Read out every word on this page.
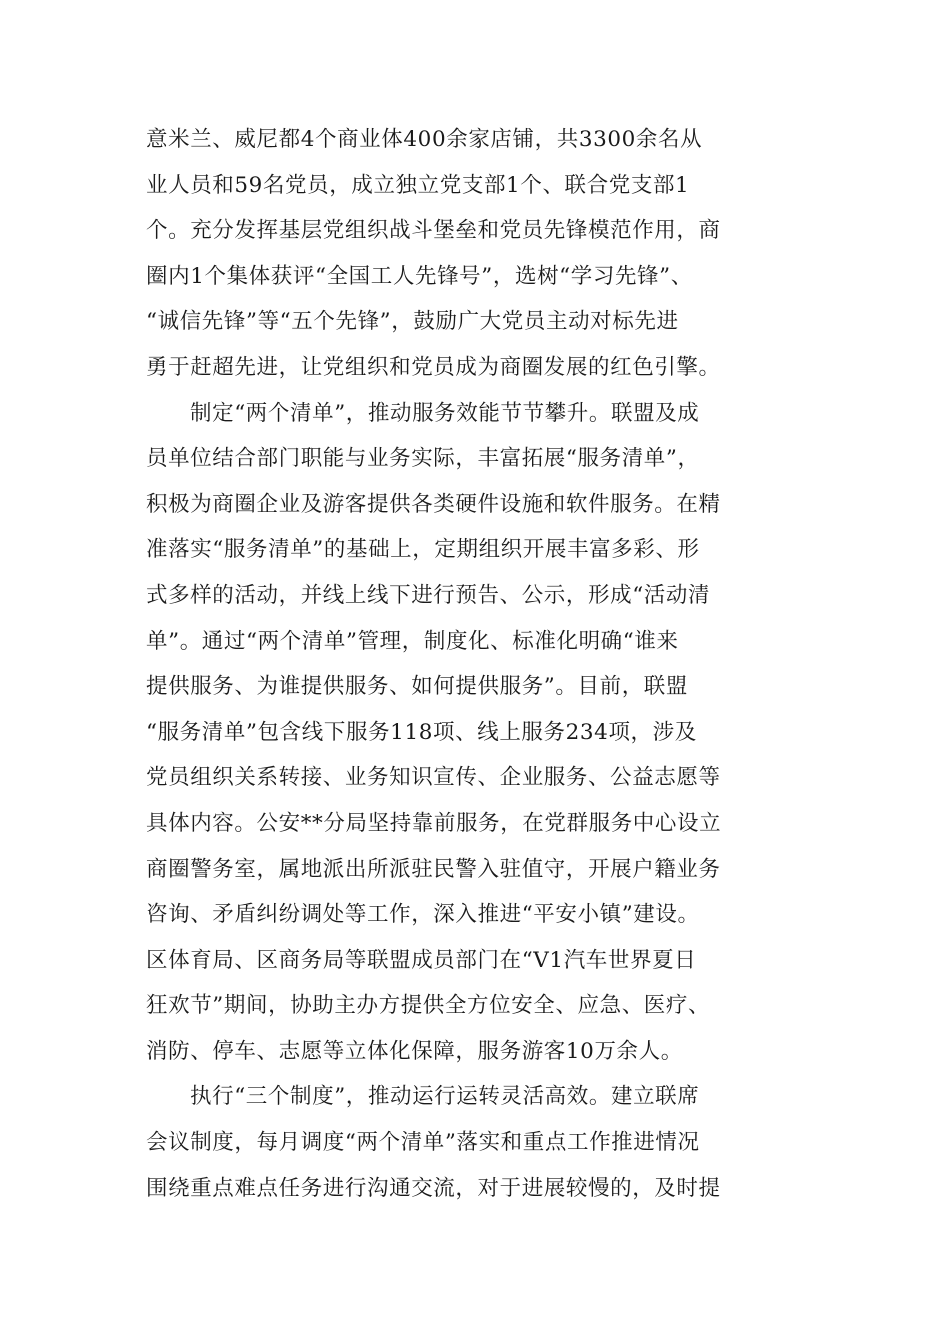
意米兰、威尼都4个商业体400余家店铺，共3300余名从
业人员和59名党员，成立独立党支部1个、联合党支部1
个。充分发挥基层党组织战斗堡垒和党员先锋模范作用，商
圈内1个集体获评“全国工人先锋号”，选树“学习先锋”、
“诚信先锋”等“五个先锋”，鼓励广大党员主动对标先进
勇于赶超先进，让党组织和党员成为商圈发展的红色引擎。
制定“两个清单”，推动服务效能节节攀升。联盟及成
员单位结合部门职能与业务实际，丰富拓展“服务清单”，
积极为商圈企业及游客提供各类硬件设施和软件服务。在精
准落实“服务清单”的基础上，定期组织开展丰富多彩、形
式多样的活动，并线上线下进行预告、公示，形成“活动清
单”。通过“两个清单”管理，制度化、标准化明确“谁来
提供服务、为谁提供服务、如何提供服务”。目前，联盟
“服务清单”包含线下服务118项、线上服务234项，涉及
党员组织关系转接、业务知识宣传、企业服务、公益志愿等
具体内容。公安**分局坚持靠前服务，在党群服务中心设立
商圈警务室，属地派出所派驻民警入驻值守，开展户籍业务
咨询、矛盾纠纷调处等工作，深入推进“平安小镇”建设。
区体育局、区商务局等联盟成员部门在“V1汽车世界夏日
狂欢节”期间，协助主办方提供全方位安全、应急、医疗、
消防、停车、志愿等立体化保障，服务游客10万余人。
执行“三个制度”，推动运行运转灵活高效。建立联席
会议制度，每月调度“两个清单”落实和重点工作推进情况
围绕重点难点任务进行沟通交流，对于进展较慢的，及时提
